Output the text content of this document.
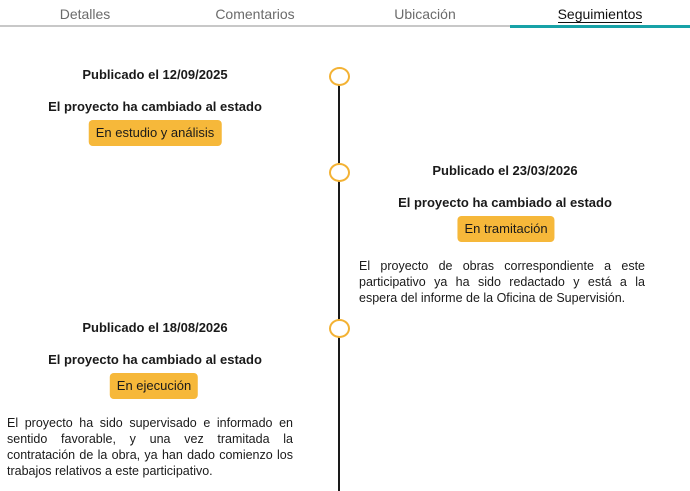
Detalles	Comentarios	Ubicación	Seguimientos
Publicado el 12/09/2025
El proyecto ha cambiado al estado
En estudio y análisis
Publicado el 23/03/2026
El proyecto ha cambiado al estado
En tramitación
El proyecto de obras correspondiente a este participativo ya ha sido redactado y está a la espera del informe de la Oficina de Supervisión.
Publicado el 18/08/2026
El proyecto ha cambiado al estado
En ejecución
El proyecto ha sido supervisado e informado en sentido favorable, y una vez tramitada la contratación de la obra, ya han dado comienzo los trabajos relativos a este participativo.
